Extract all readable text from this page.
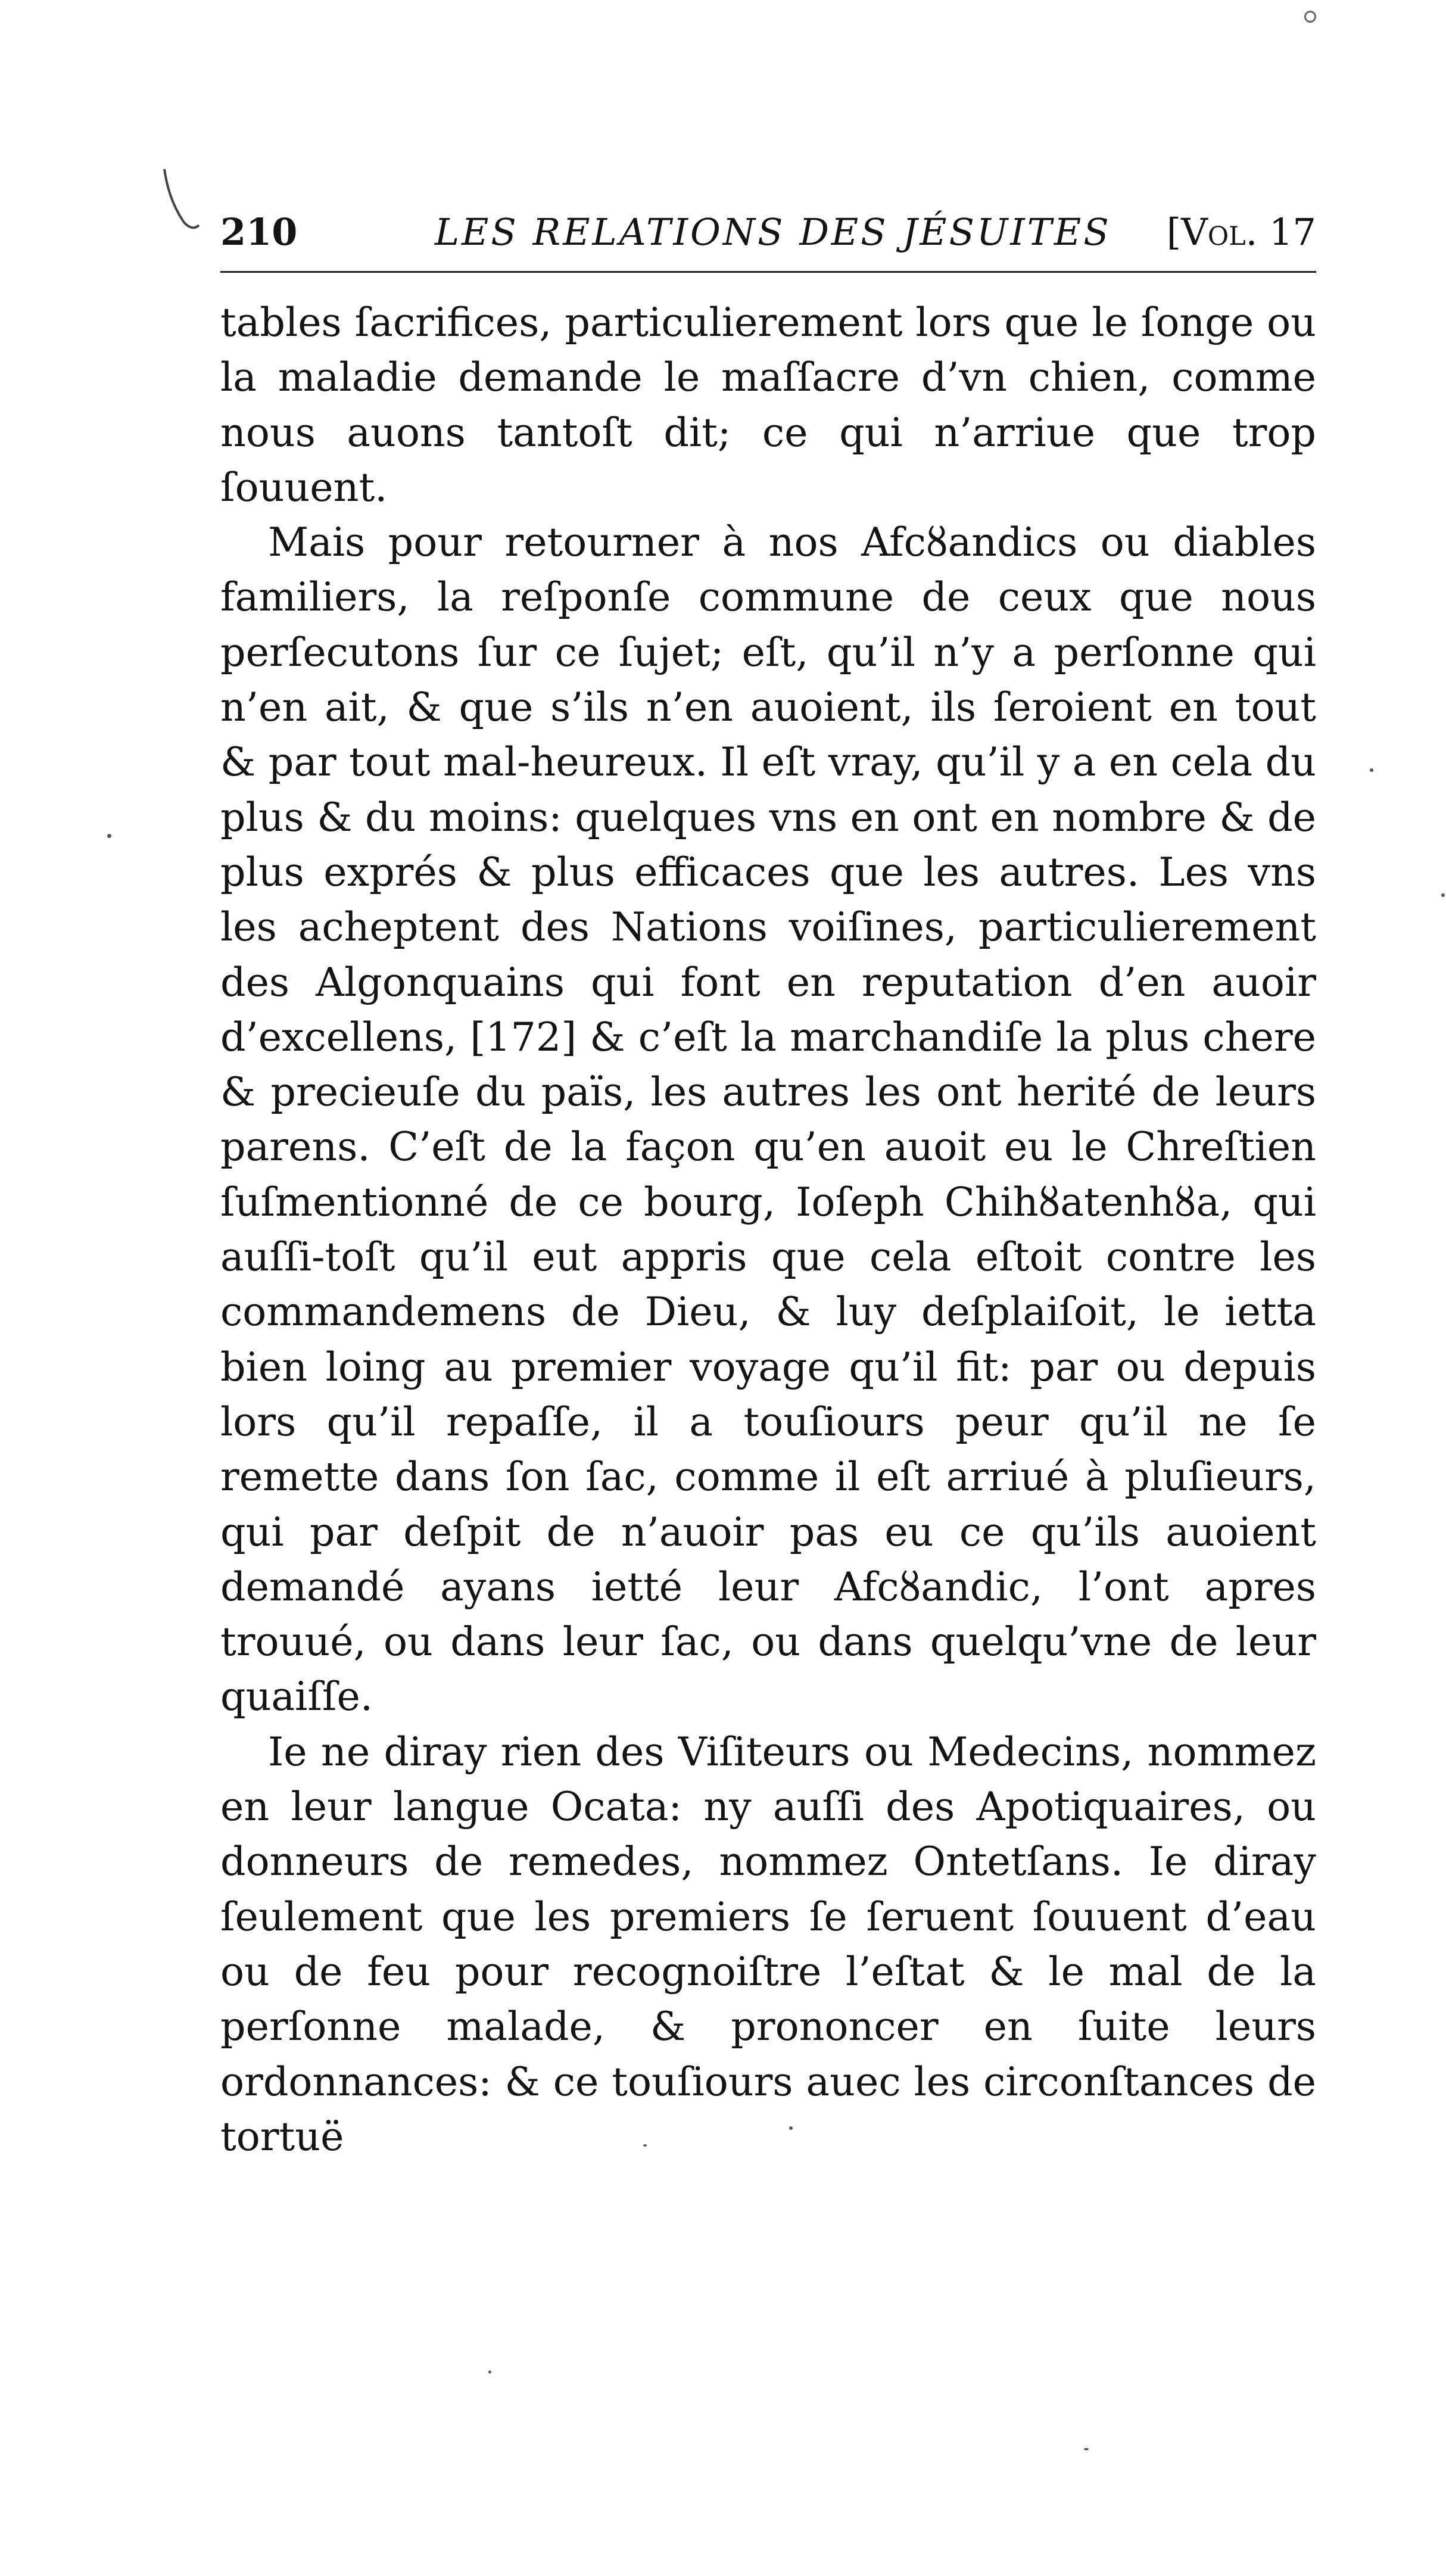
210	LES RELATIONS DES JÉSUITES [Vol. 17

tables ſacrifices, particulierement lors que le ſonge ou la maladie demande le maſſacre d’vn chien, comme nous auons tantoſt dit; ce qui n’arriue que trop ſouuent.

Mais pour retourner à nos Afcȣandics ou diables familiers, la reſponſe commune de ceux que nous perſecutons ſur ce ſujet; eſt, qu’il n’y a perſonne qui n’en ait, & que s’ils n’en auoient, ils ſeroient en tout & par tout mal-heureux. Il eſt vray, qu’il y a en cela du plus & du moins: quelques vns en ont en nombre & de plus exprés & plus efficaces que les autres. Les vns les acheptent des Nations voiſines, particulierement des Algonquains qui font en reputation d’en auoir d’excellens, [172] & c’eſt la marchandiſe la plus chere & precieuſe du païs, les autres les ont herité de leurs parens. C’eſt de la façon qu’en auoit eu le Chreſtien ſuſmentionné de ce bourg, Ioſeph Chihȣatenhȣa, qui auſſi-toſt qu’il eut appris que cela eſtoit contre les commandemens de Dieu, & luy deſplaiſoit, le ietta bien loing au premier voyage qu’il fit: par ou depuis lors qu’il repaſſe, il a touſiours peur qu’il ne ſe remette dans ſon ſac, comme il eſt arriué à pluſieurs, qui par deſpit de n’auoir pas eu ce qu’ils auoient demandé ayans ietté leur Afcȣandic, l’ont apres trouué, ou dans leur ſac, ou dans quelqu’vne de leur quaiſſe.

Ie ne diray rien des Viſiteurs ou Medecins, nommez en leur langue Ocata: ny auſſi des Apotiquaires, ou donneurs de remedes, nommez Ontetſans. Ie diray ſeulement que les premiers ſe ſeruent ſouuent d’eau ou de feu pour recognoiſtre l’eſtat & le mal de la perſonne malade, & prononcer en ſuite leurs ordonnances: & ce touſiours auec les circonſtances de tortuë
